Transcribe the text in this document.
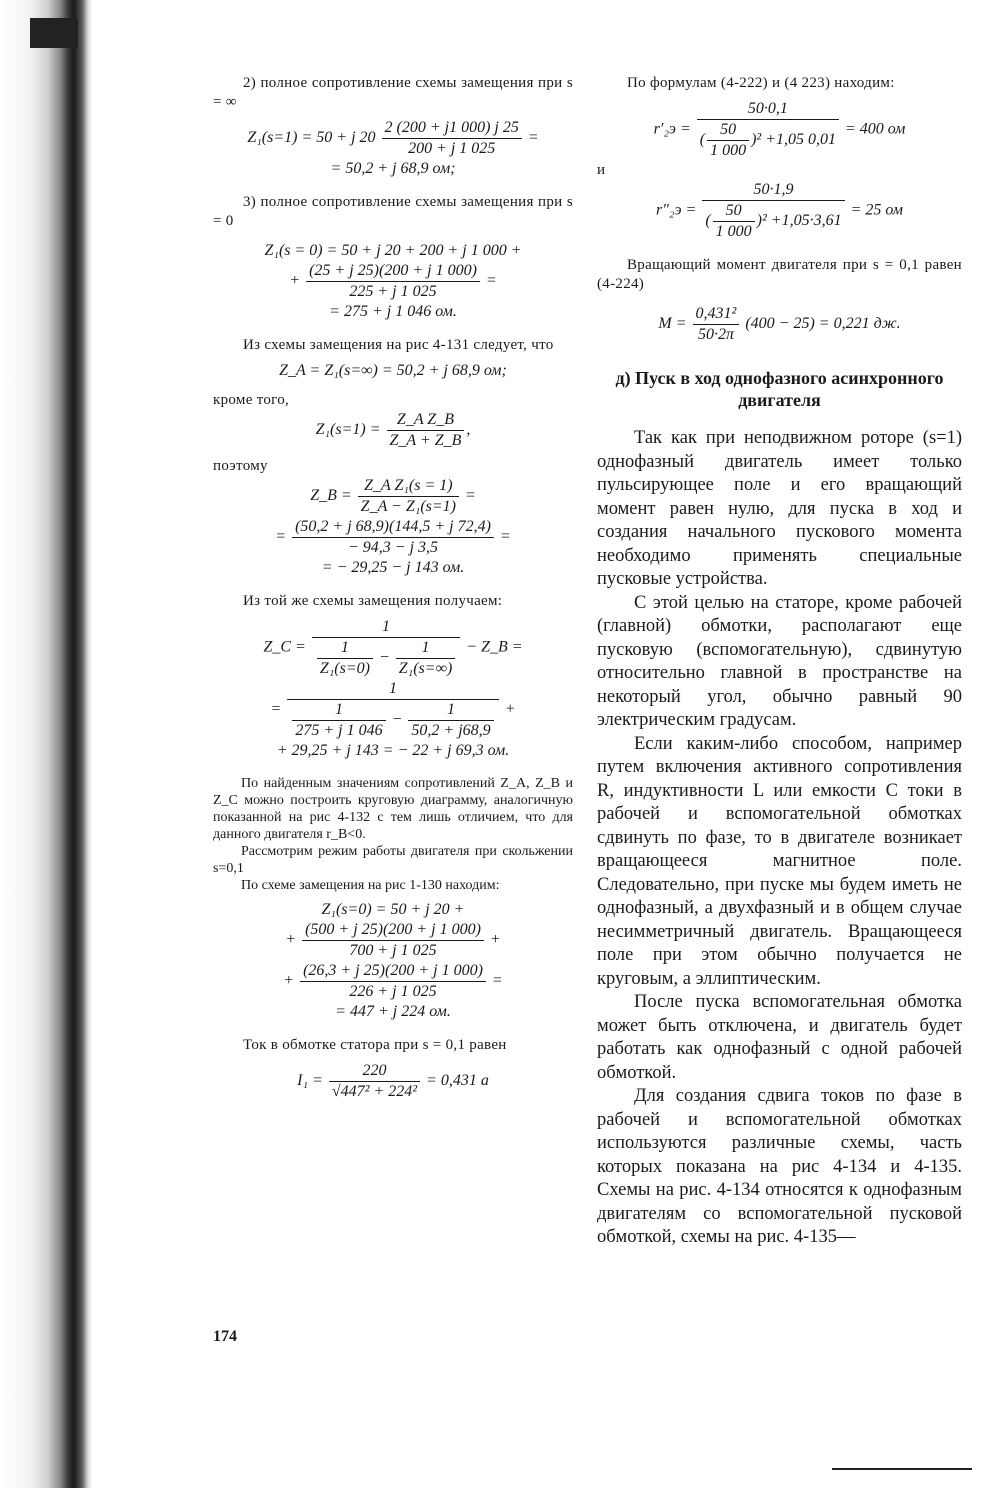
2) полное сопротивление схемы замещения при s = ∞

Z₁(s=1) = 50 + j $20 \frac{2 (200 + j1 000) j 25}{200 + j 1 025}$ =
= 50,2 + j 68,9 ом;

3) полное сопротивление схемы замещения при s = 0

Z₁(s = 0) = 50 + j 20 + 200 + j 1 000 +
+ $\frac{(25 + j 25)(200 + j 1 000)}{225 + j 1 025}$ =
= 275 + j 1 046 ом.

Из схемы замещения на рис 4-131 следует, что

Z_A = Z₁(s=∞) = 50,2 + j 68,9 ом;

кроме того,

$Z_1(s=1) = \frac{\text{Z\_A Z\_B}}{Z\_A + Z\_B}$ ,

поэтому

Z_B = $\frac{\text{Z\_A Z₁(s = 1)}}{\text{Z\_A − Z₁(s=1)}}$ =
= $\frac{(50,2 + j 68,9)(144,5 + j 72,4)}{- 94,3 - j 3,5}$ =
= − 29,25 − j 143 ом.

Из той же схемы замещения получаем:

Z_C = $\frac{1}{\frac{1}{\text{Z₁(s=0)}} - \frac{1}{\text{Z₁(s=∞)}}}$ − Z_B =
= $\frac{1}{\frac{1}{275 + j 1 046} - \frac{1}{50,2 + j68,9}}$ +
+ 29,25 + j 143 = − 22 + j 69,3 ом.

По найденным значениям сопротивлений Z_A, Z_B и Z_C можно построить круговую диаграмму, аналогичную показанной на рис 4-132 с тем лишь отличием, что для данного двигателя r_B<0.

Рассмотрим режим работы двигателя при скольжении s=0,1

По схеме замещения на рис 1-130 находим:

Z₁(s=0) = 50 + j 20 +
+ $\frac{(500 + j 25)(200 + j 1 000)}{700 + j 1 025}$ +
+ $\frac{(26,3 + j 25)(200 + j 1 000)}{226 + j 1 025}$ =
= 447 + j 224 ом.

Ток в обмотке статора при s = 0,1 равен

$I_1 = \frac{220}{\text{√447² + 224²}} = 0,431$ а
174

По формулам (4-222) и (4 223) находим:

$r'_2э = \frac{50\cdot 0,1}{( \frac{50}{1 000} )^2 +1,05 0,01} = 400$ ом

и

$r''_2э = \frac{50\cdot 1,9}{( \frac{50}{1 000} )^2 +1,05\cdot 3,61} = 25$ ом

Вращающий момент двигателя при s = 0,1 равен (4-224)

$M = \frac{\text{0,431²}}{50\cdot 2\pi} (400 - 25) = 0,221$ дж.
д) Пуск в ход однофазного асинхронного двигателя

Так как при неподвижном роторе (s=1) однофазный двигатель имеет только пульсирующее поле и его вращающий момент равен нулю, для пуска в ход и создания начального пускового момента необходимо применять специальные пусковые устройства.

С этой целью на статоре, кроме рабочей (главной) обмотки, располагают еще пусковую (вспомогательную), сдвинутую относительно главной в пространстве на некоторый угол, обычно равный 90 электрическим градусам.

Если каким-либо способом, например путем включения активного сопротивления R, индуктивности L или емкости C токи в рабочей и вспомогательной обмотках сдвинуть по фазе, то в двигателе возникает вращающееся магнитное поле. Следовательно, при пуске мы будем иметь не однофазный, а двухфазный и в общем случае несимметричный двигатель. Вращающееся поле при этом обычно получается не круговым, а эллиптическим.

После пуска вспомогательная обмотка может быть отключена, и двигатель будет работать как однофазный с одной рабочей обмоткой.

Для создания сдвига токов по фазе в рабочей и вспомогательной обмотках используются различные схемы, часть которых показана на рис 4-134 и 4-135. Схемы на рис. 4-134 относятся к однофазным двигателям со вспомогательной пусковой обмоткой, схемы на рис. 4-135—
